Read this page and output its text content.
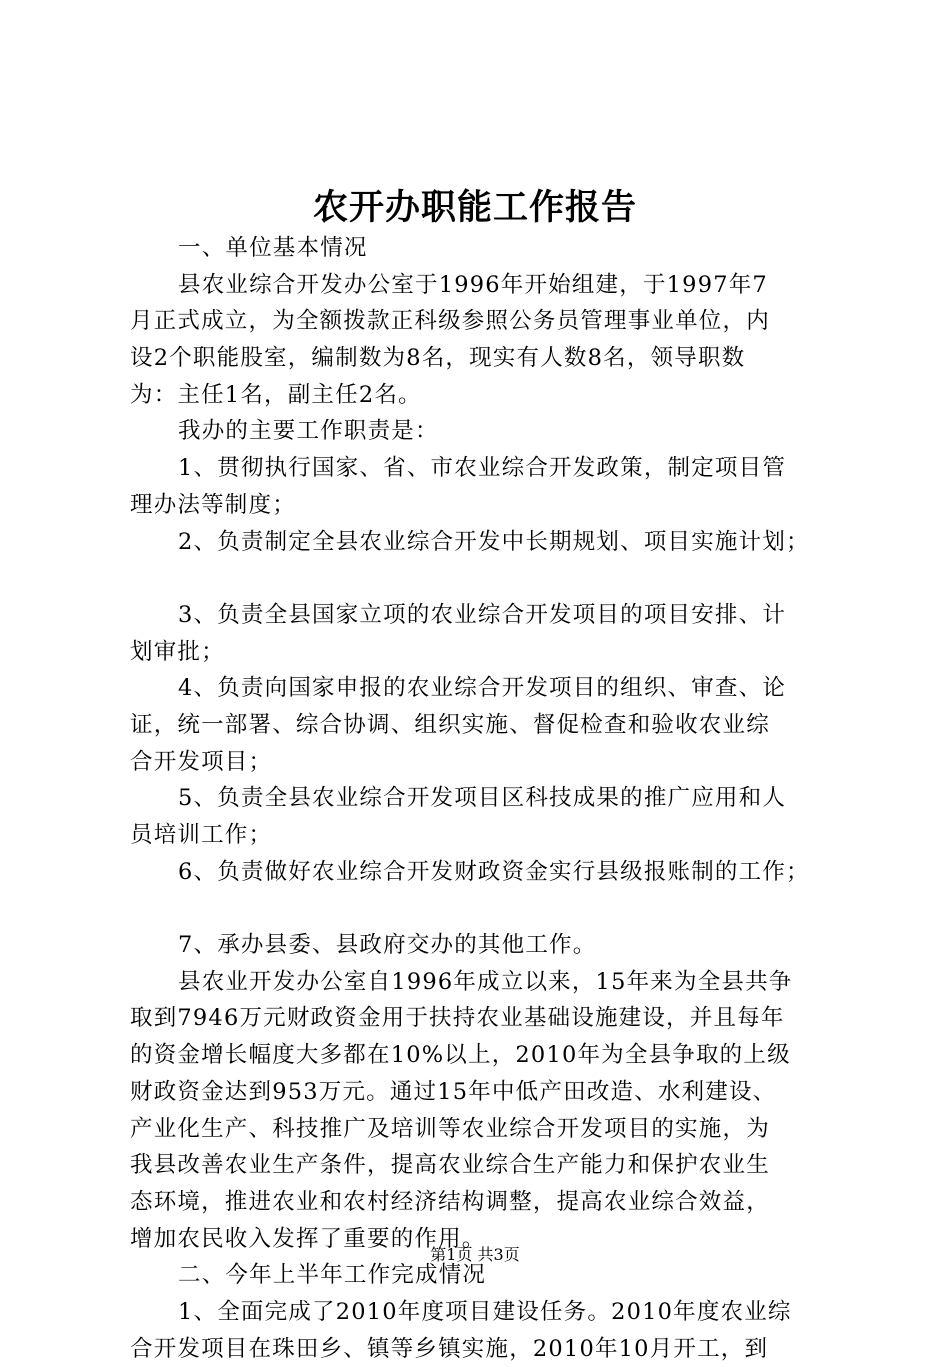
农开办职能工作报告
一、单位基本情况
县农业综合开发办公室于1996年开始组建，于1997年7
月正式成立，为全额拨款正科级参照公务员管理事业单位，内
设2个职能股室，编制数为8名，现实有人数8名，领导职数
为：主任1名，副主任2名。
我办的主要工作职责是：
1、贯彻执行国家、省、市农业综合开发政策，制定项目管
理办法等制度；
2、负责制定全县农业综合开发中长期规划、项目实施计划；
3、负责全县国家立项的农业综合开发项目的项目安排、计
划审批；
4、负责向国家申报的农业综合开发项目的组织、审查、论
证，统一部署、综合协调、组织实施、督促检查和验收农业综
合开发项目；
5、负责全县农业综合开发项目区科技成果的推广应用和人
员培训工作；
6、负责做好农业综合开发财政资金实行县级报账制的工作；
7、承办县委、县政府交办的其他工作。
县农业开发办公室自1996年成立以来，15年来为全县共争
取到7946万元财政资金用于扶持农业基础设施建设，并且每年
的资金增长幅度大多都在10%以上，2010年为全县争取的上级
财政资金达到953万元。通过15年中低产田改造、水利建设、
产业化生产、科技推广及培训等农业综合开发项目的实施，为
我县改善农业生产条件，提高农业综合生产能力和保护农业生
态环境，推进农业和农村经济结构调整，提高农业综合效益，
增加农民收入发挥了重要的作用。
二、今年上半年工作完成情况
1、全面完成了2010年度项目建设任务。2010年度农业综
合开发项目在珠田乡、镇等乡镇实施，2010年10月开工，到
第1页 共3页
